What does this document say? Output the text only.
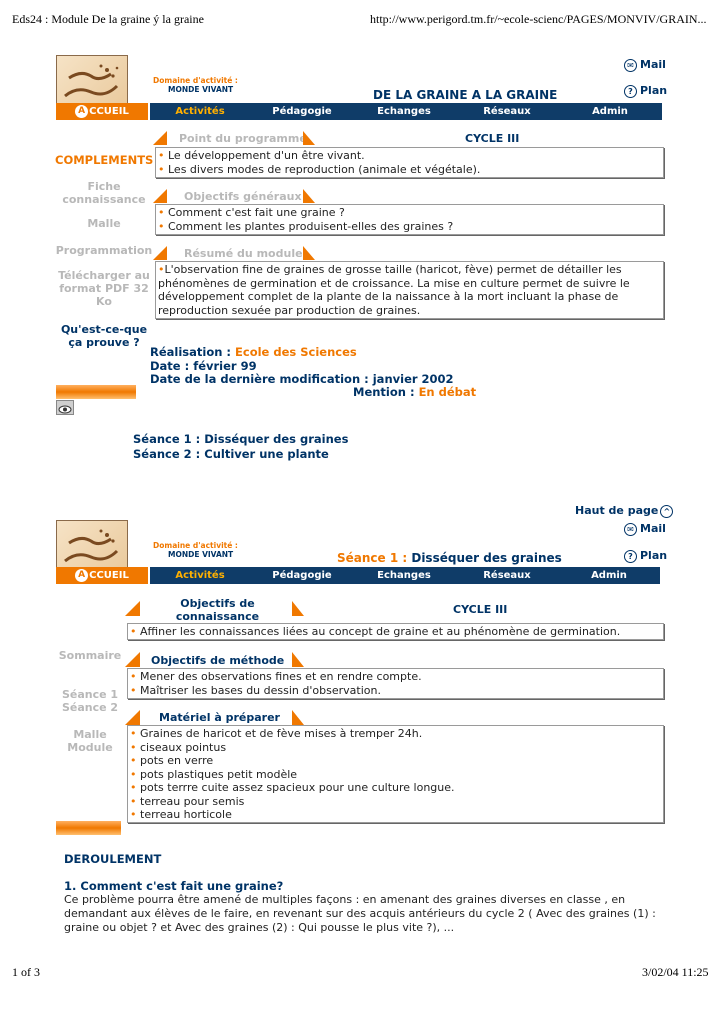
Eds24 : Module De la graine ý la graine	http://www.perigord.tm.fr/~ecole-scienc/PAGES/MONVIV/GRAIN...
Domaine d'activité :
MONDE VIVANT
✉ Mail
? Plan
DE LA GRAINE A LA GRAINE
A CCUEIL	Activités	Pédagogie	Echanges	Réseaux	Admin
COMPLEMENTS
Fiche connaissance
Malle
Programmation
Télécharger au format PDF 32 Ko
Qu'est-ce-que ça prouve ?
Point du programme	CYCLE III
• Le développement d'un être vivant.
• Les divers modes de reproduction (animale et végétale).
Objectifs généraux
• Comment c'est fait une graine ?
• Comment les plantes produisent-elles des graines ?
Résumé du module
•L'observation fine de graines de grosse taille (haricot, fève) permet de détailler les phénomènes de germination et de croissance. La mise en culture permet de suivre le développement complet de la plante de la naissance à la mort incluant la phase de reproduction sexuée par production de graines.
Réalisation : Ecole des Sciences
Date : février 99
Date de la dernière modification : janvier 2002
Mention : En débat
Séance 1 : Disséquer des graines
Séance 2 : Cultiver une plante
Haut de page ^
✉ Mail
? Plan
Domaine d'activité :
MONDE VIVANT	Séance 1 : Disséquer des graines
A CCUEIL	Activités	Pédagogie	Echanges	Réseaux	Admin
Sommaire
Séance 1
Séance 2
Malle
Module
Objectifs de connaissance
CYCLE III
• Affiner les connaissances liées au concept de graine et au phénomène de germination.
Objectifs de méthode
• Mener des observations fines et en rendre compte.
• Maîtriser les bases du dessin d'observation.
Matériel à préparer
• Graines de haricot et de fève mises à tremper 24h.
• ciseaux pointus
• pots en verre
• pots plastiques petit modèle
• pots terrre cuite assez spacieux pour une culture longue.
• terreau pour semis
• terreau horticole
DEROULEMENT
1. Comment c'est fait une graine?
Ce problème pourra être amené de multiples façons : en amenant des graines diverses en classe , en demandant aux élèves de le faire, en revenant sur des acquis antérieurs du cycle 2 ( Avec des graines (1) : graine ou objet ? et Avec des graines (2) : Qui pousse le plus vite ?), ...
1 of 3	3/02/04 11:25
